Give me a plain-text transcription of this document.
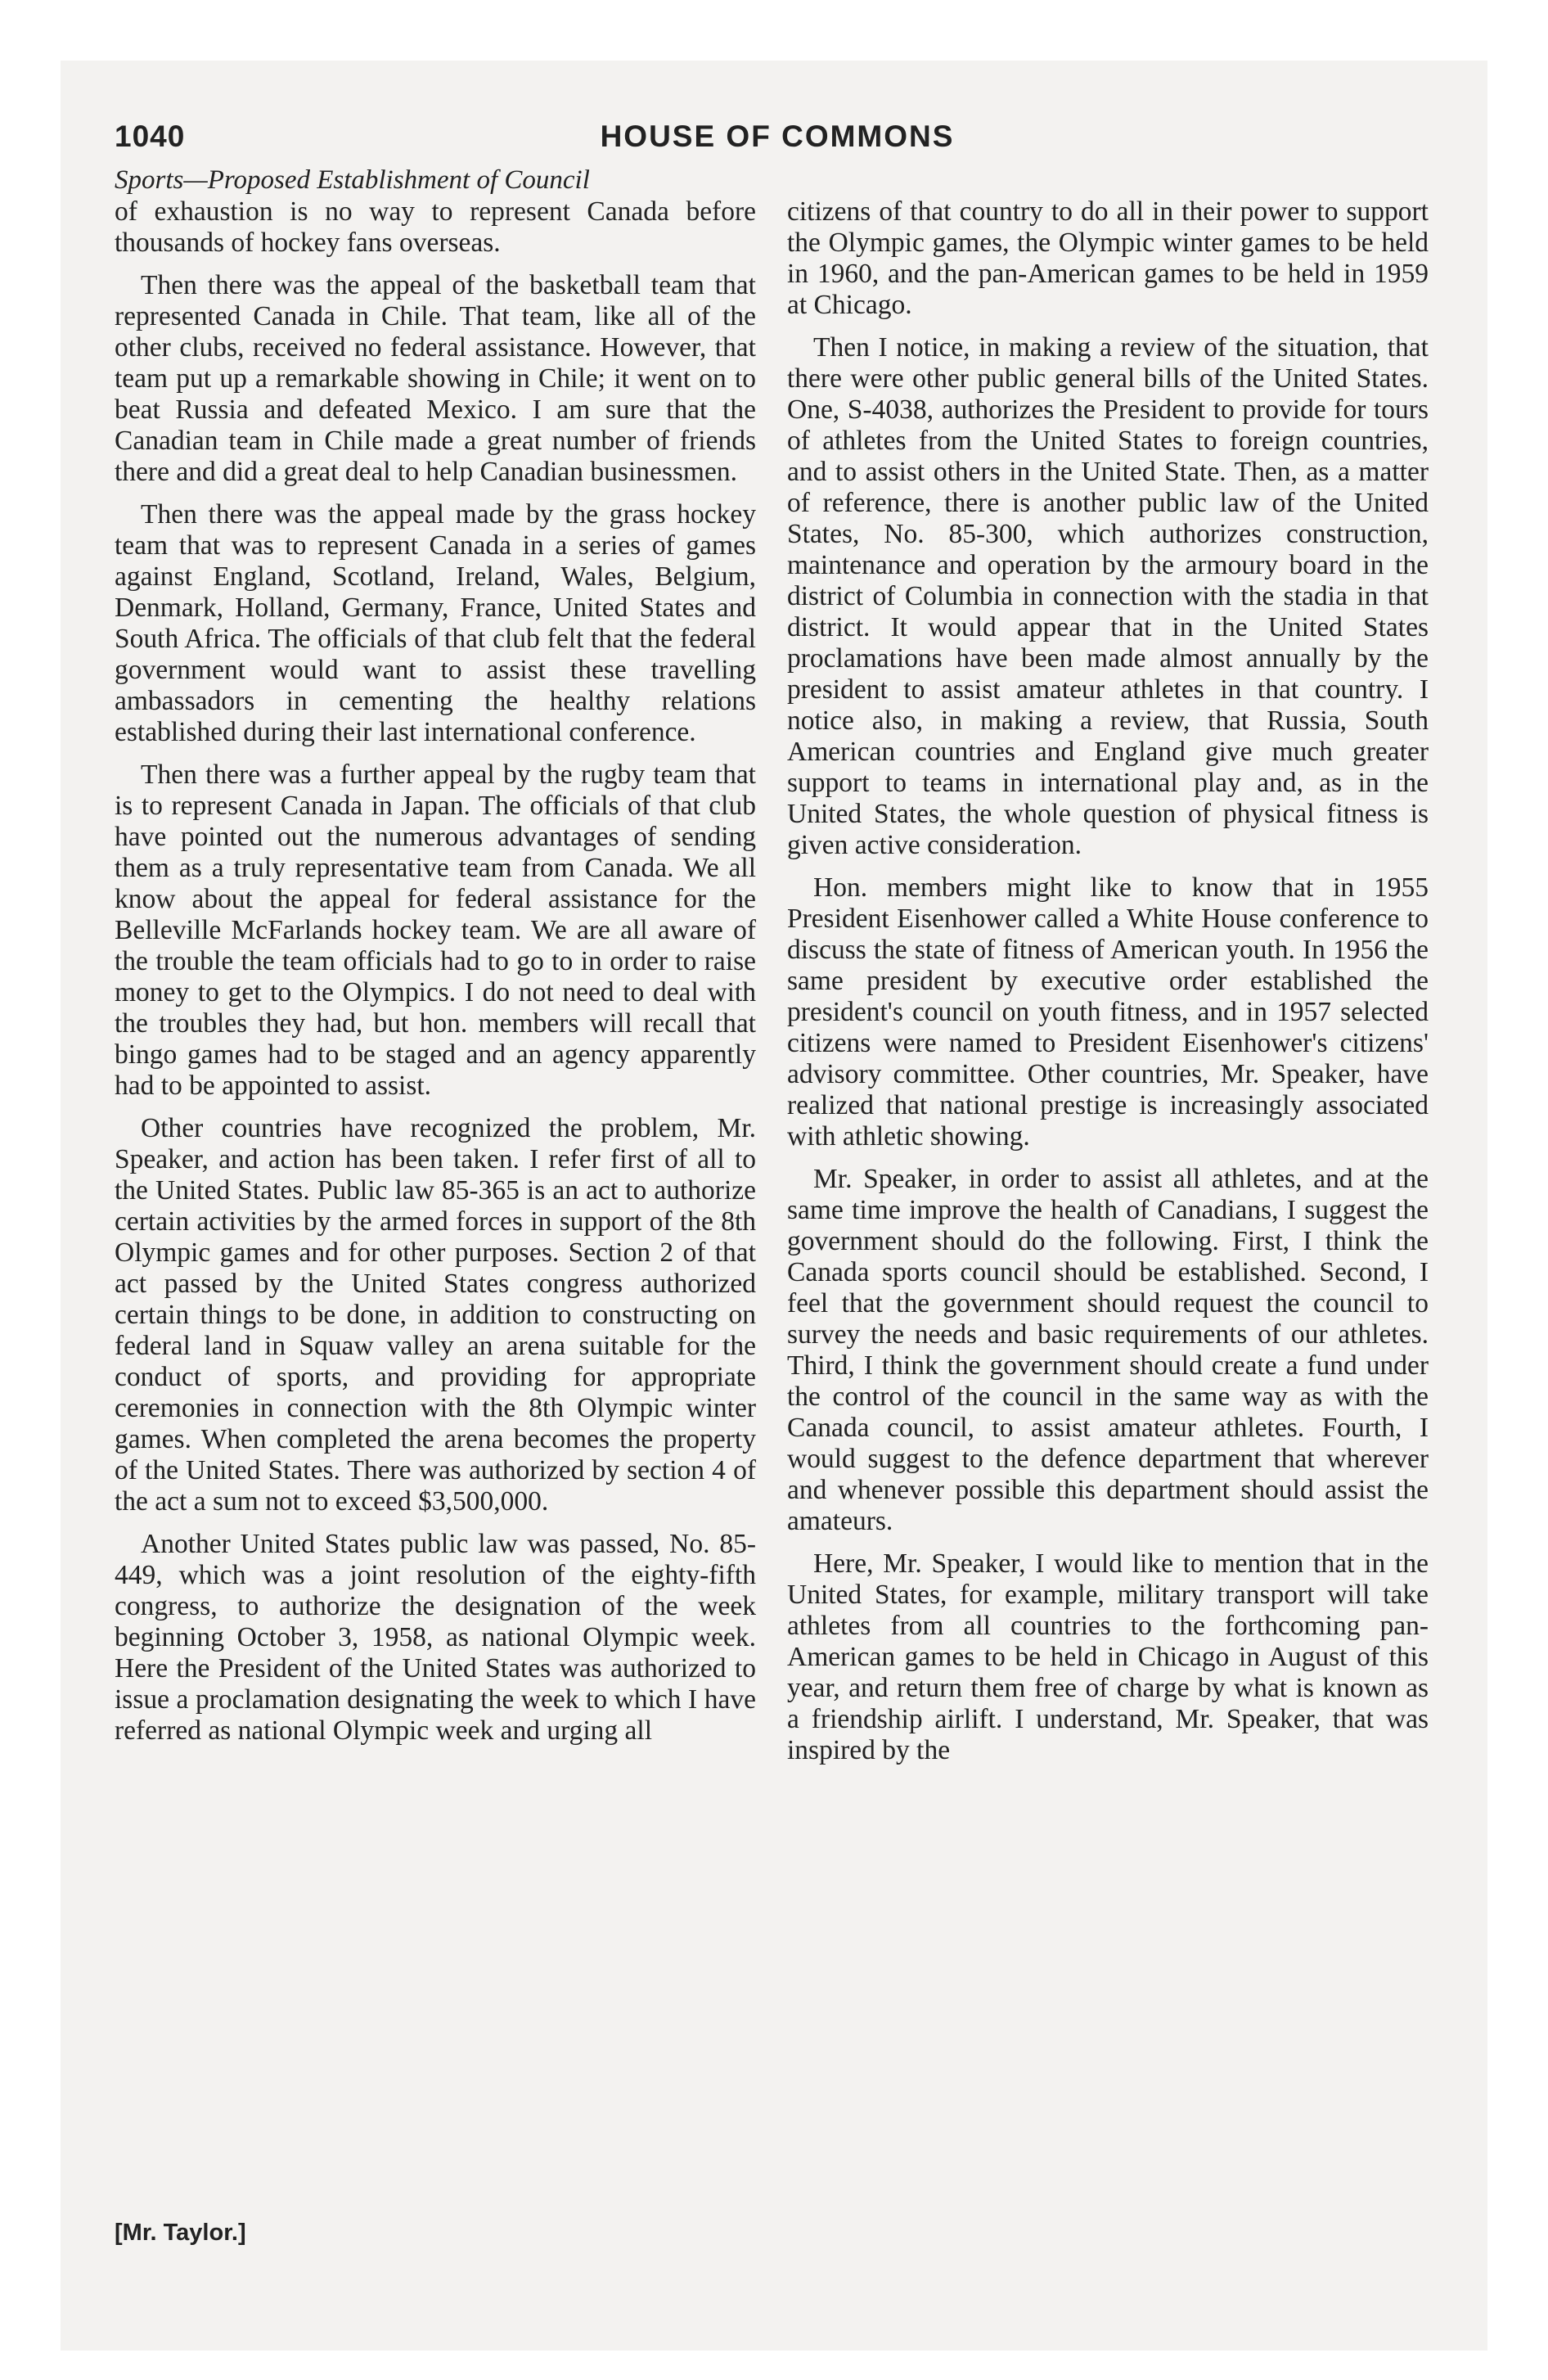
1040	HOUSE OF COMMONS
Sports—Proposed Establishment of Council

of exhaustion is no way to represent Canada before thousands of hockey fans overseas.

Then there was the appeal of the basketball team that represented Canada in Chile. That team, like all of the other clubs, received no federal assistance. However, that team put up a remarkable showing in Chile; it went on to beat Russia and defeated Mexico. I am sure that the Canadian team in Chile made a great number of friends there and did a great deal to help Canadian businessmen.

Then there was the appeal made by the grass hockey team that was to represent Canada in a series of games against England, Scotland, Ireland, Wales, Belgium, Denmark, Holland, Germany, France, United States and South Africa. The officials of that club felt that the federal government would want to assist these travelling ambassadors in cementing the healthy relations established during their last international conference.

Then there was a further appeal by the rugby team that is to represent Canada in Japan. The officials of that club have pointed out the numerous advantages of sending them as a truly representative team from Canada. We all know about the appeal for federal assistance for the Belleville McFarlands hockey team. We are all aware of the trouble the team officials had to go to in order to raise money to get to the Olympics. I do not need to deal with the troubles they had, but hon. members will recall that bingo games had to be staged and an agency apparently had to be appointed to assist.

Other countries have recognized the problem, Mr. Speaker, and action has been taken. I refer first of all to the United States. Public law 85-365 is an act to authorize certain activities by the armed forces in support of the 8th Olympic games and for other purposes. Section 2 of that act passed by the United States congress authorized certain things to be done, in addition to constructing on federal land in Squaw valley an arena suitable for the conduct of sports, and providing for appropriate ceremonies in connection with the 8th Olympic winter games. When completed the arena becomes the property of the United States. There was authorized by section 4 of the act a sum not to exceed $3,500,000.

Another United States public law was passed, No. 85-449, which was a joint resolution of the eighty-fifth congress, to authorize the designation of the week beginning October 3, 1958, as national Olympic week. Here the President of the United States was authorized to issue a proclamation designating the week to which I have referred as national Olympic week and urging all

citizens of that country to do all in their power to support the Olympic games, the Olympic winter games to be held in 1960, and the pan-American games to be held in 1959 at Chicago.

Then I notice, in making a review of the situation, that there were other public general bills of the United States. One, S-4038, authorizes the President to provide for tours of athletes from the United States to foreign countries, and to assist others in the United State. Then, as a matter of reference, there is another public law of the United States, No. 85-300, which authorizes construction, maintenance and operation by the armoury board in the district of Columbia in connection with the stadia in that district. It would appear that in the United States proclamations have been made almost annually by the president to assist amateur athletes in that country. I notice also, in making a review, that Russia, South American countries and England give much greater support to teams in international play and, as in the United States, the whole question of physical fitness is given active consideration.

Hon. members might like to know that in 1955 President Eisenhower called a White House conference to discuss the state of fitness of American youth. In 1956 the same president by executive order established the president's council on youth fitness, and in 1957 selected citizens were named to President Eisenhower's citizens' advisory committee. Other countries, Mr. Speaker, have realized that national prestige is increasingly associated with athletic showing.

Mr. Speaker, in order to assist all athletes, and at the same time improve the health of Canadians, I suggest the government should do the following. First, I think the Canada sports council should be established. Second, I feel that the government should request the council to survey the needs and basic requirements of our athletes. Third, I think the government should create a fund under the control of the council in the same way as with the Canada council, to assist amateur athletes. Fourth, I would suggest to the defence department that wherever and whenever possible this department should assist the amateurs.

Here, Mr. Speaker, I would like to mention that in the United States, for example, military transport will take athletes from all countries to the forthcoming pan-American games to be held in Chicago in August of this year, and return them free of charge by what is known as a friendship airlift. I understand, Mr. Speaker, that was inspired by the

[Mr. Taylor.]
